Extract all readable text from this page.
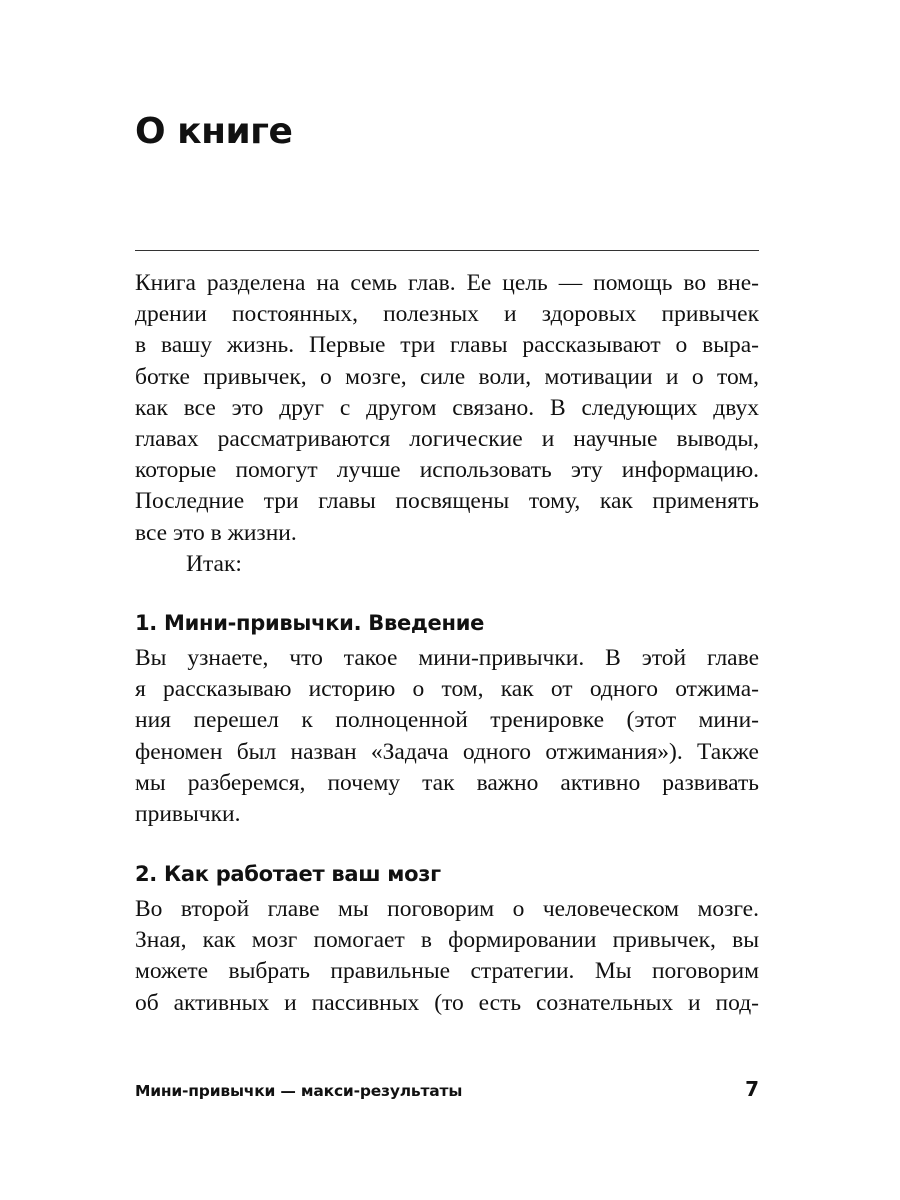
О книге
Книга разделена на семь глав. Ее цель — помощь во вне-
дрении постоянных, полезных и здоровых привычек
в вашу жизнь. Первые три главы рассказывают о выра-
ботке привычек, о мозге, силе воли, мотивации и о том,
как все это друг с другом связано. В следующих двух
главах рассматриваются логические и научные выводы,
которые помогут лучше использовать эту информацию.
Последние три главы посвящены тому, как применять
все это в жизни.

Итак:

1. Мини-привычки. Введение
Вы узнаете, что такое мини-привычки. В этой главе
я рассказываю историю о том, как от одного отжима-
ния перешел к полноценной тренировке (этот мини-
феномен был назван «Задача одного отжимания»). Также
мы разберемся, почему так важно активно развивать
привычки.
2. Как работает ваш мозг
Во второй главе мы поговорим о человеческом мозге.
Зная, как мозг помогает в формировании привычек, вы
можете выбрать правильные стратегии. Мы поговорим
об активных и пассивных (то есть сознательных и под-
Мини-привычки — макси-результаты	7
